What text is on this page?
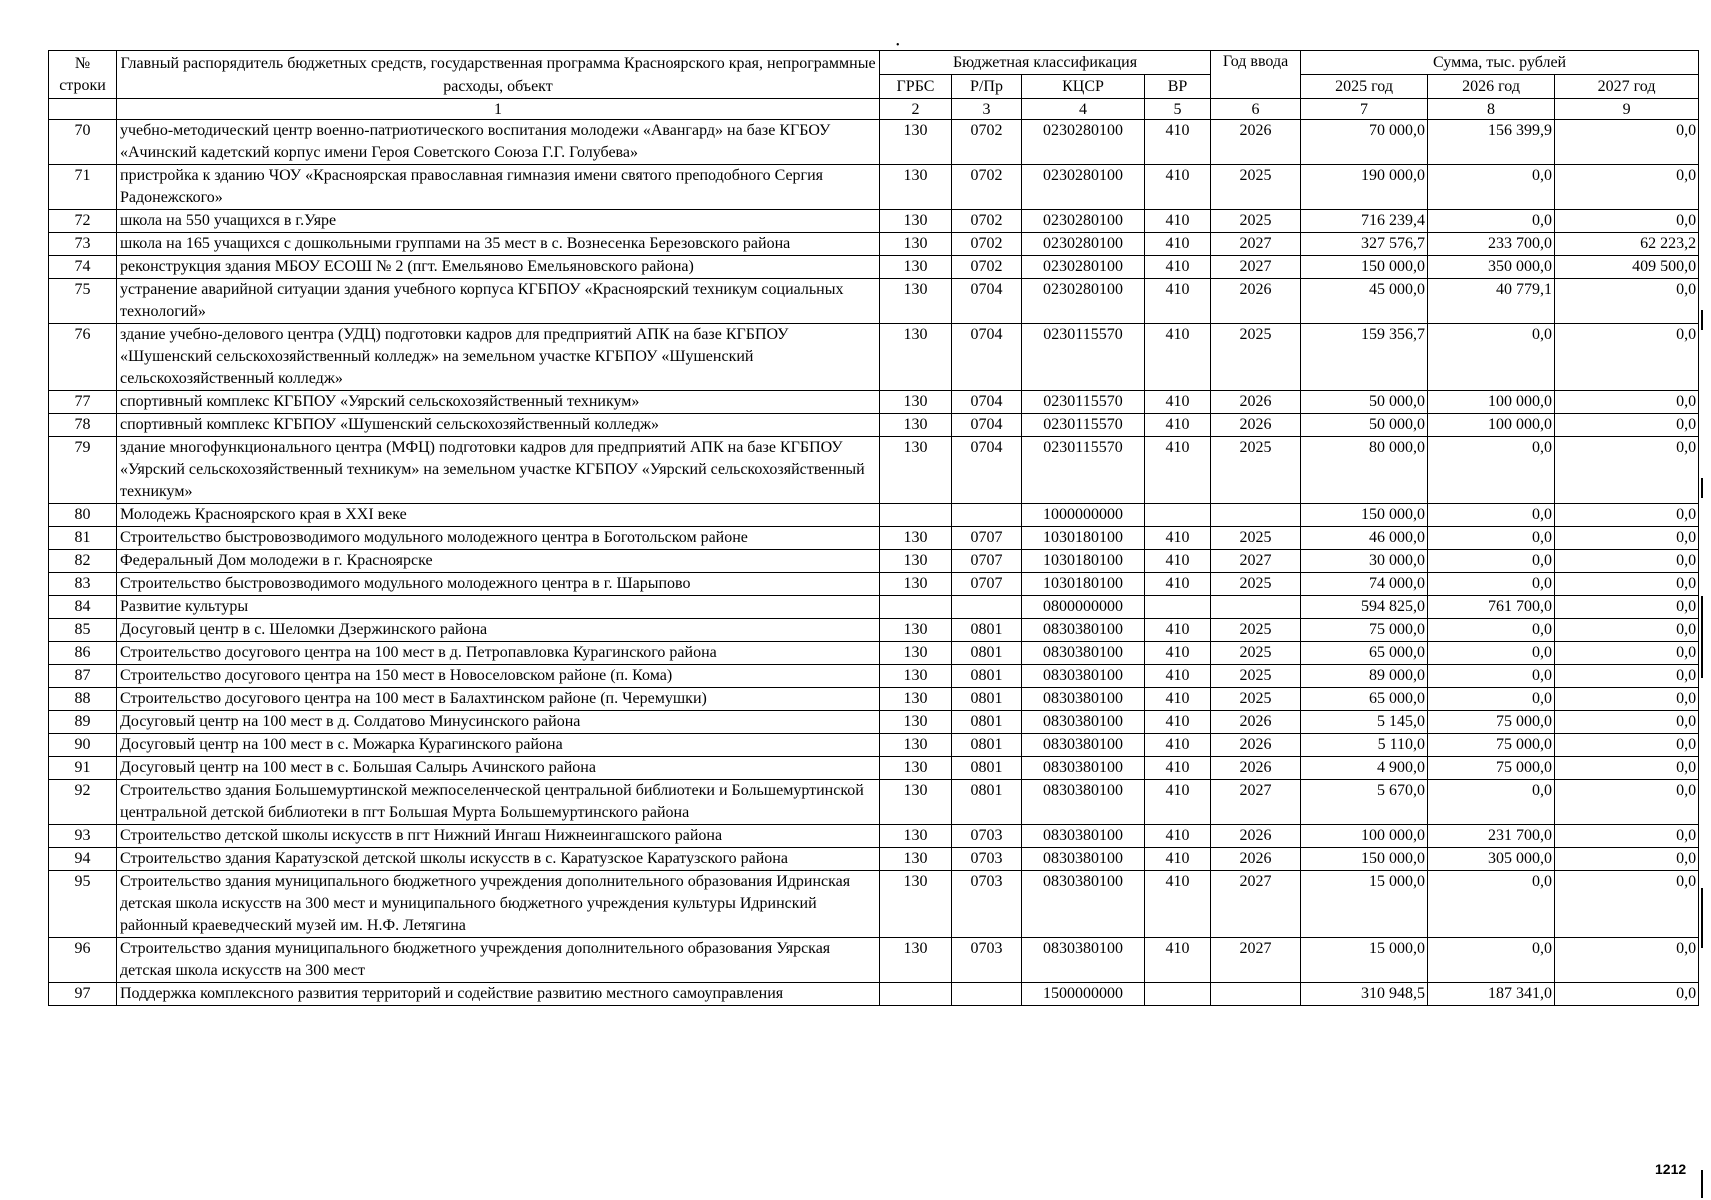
•
№
строки	Главный распорядитель бюджетных средств, государственная программа Красноярского края, непрограммные расходы, объект	Бюджетная классификация				Год ввода	Сумма, тыс. рублей		
		ГРБС	Р/Пр	КЦСР	ВР		2025 год	2026 год	2027 год
	1	2	3	4	5	6	7	8	9
70	учебно-методический центр военно-патриотического воспитания молодежи «Авангард» на базе КГБОУ «Ачинский кадетский корпус имени Героя Советского Союза Г.Г. Голубева»	130	0702	0230280100	410	2026	70 000,0	156 399,9	0,0
71	пристройка к зданию ЧОУ «Красноярская православная гимназия имени святого преподобного Сергия Радонежского»	130	0702	0230280100	410	2025	190 000,0	0,0	0,0
72	школа на 550 учащихся в г.Уяре	130	0702	0230280100	410	2025	716 239,4	0,0	0,0
73	школа на 165 учащихся с дошкольными группами на 35 мест в с. Вознесенка Березовского района	130	0702	0230280100	410	2027	327 576,7	233 700,0	62 223,2
74	реконструкция здания МБОУ ЕСОШ № 2 (пгт. Емельяново Емельяновского района)	130	0702	0230280100	410	2027	150 000,0	350 000,0	409 500,0
75	устранение аварийной ситуации здания учебного корпуса КГБПОУ «Красноярский техникум социальных технологий»	130	0704	0230280100	410	2026	45 000,0	40 779,1	0,0
76	здание учебно-делового центра (УДЦ) подготовки кадров для предприятий АПК на базе КГБПОУ «Шушенский сельскохозяйственный колледж» на земельном участке КГБПОУ «Шушенский сельскохозяйственный колледж»	130	0704	0230115570	410	2025	159 356,7	0,0	0,0
77	спортивный комплекс КГБПОУ «Уярский сельскохозяйственный техникум»	130	0704	0230115570	410	2026	50 000,0	100 000,0	0,0
78	спортивный комплекс КГБПОУ «Шушенский сельскохозяйственный колледж»	130	0704	0230115570	410	2026	50 000,0	100 000,0	0,0
79	здание многофункционального центра (МФЦ) подготовки кадров для предприятий АПК на базе КГБПОУ «Уярский сельскохозяйственный техникум» на земельном участке КГБПОУ «Уярский сельскохозяйственный техникум»	130	0704	0230115570	410	2025	80 000,0	0,0	0,0
80	Молодежь Красноярского края в XXI веке			1000000000			150 000,0	0,0	0,0
81	Строительство быстровозводимого модульного молодежного центра в Боготольском районе	130	0707	1030180100	410	2025	46 000,0	0,0	0,0
82	Федеральный Дом молодежи в г. Красноярске	130	0707	1030180100	410	2027	30 000,0	0,0	0,0
83	Строительство быстровозводимого модульного молодежного центра в г. Шарыпово	130	0707	1030180100	410	2025	74 000,0	0,0	0,0
84	Развитие культуры			0800000000			594 825,0	761 700,0	0,0
85	Досуговый центр в с. Шеломки Дзержинского района	130	0801	0830380100	410	2025	75 000,0	0,0	0,0
86	Строительство досугового центра на 100 мест в д. Петропавловка Курагинского района	130	0801	0830380100	410	2025	65 000,0	0,0	0,0
87	Строительство досугового центра на 150 мест в Новоселовском районе (п. Кома)	130	0801	0830380100	410	2025	89 000,0	0,0	0,0
88	Строительство досугового центра на 100 мест в Балахтинском районе (п. Черемушки)	130	0801	0830380100	410	2025	65 000,0	0,0	0,0
89	Досуговый центр на 100 мест в д. Солдатово Минусинского района	130	0801	0830380100	410	2026	5 145,0	75 000,0	0,0
90	Досуговый центр на 100 мест в с. Можарка Курагинского района	130	0801	0830380100	410	2026	5 110,0	75 000,0	0,0
91	Досуговый центр на 100 мест в с. Большая Салырь Ачинского района	130	0801	0830380100	410	2026	4 900,0	75 000,0	0,0
92	Строительство здания Большемуртинской межпоселенческой центральной библиотеки и Большемуртинской центральной детской библиотеки в пгт Большая Мурта Большемуртинского района	130	0801	0830380100	410	2027	5 670,0	0,0	0,0
93	Строительство детской школы искусств в пгт Нижний Ингаш Нижнеингашского района	130	0703	0830380100	410	2026	100 000,0	231 700,0	0,0
94	Строительство здания Каратузской детской школы искусств в с. Каратузское Каратузского района	130	0703	0830380100	410	2026	150 000,0	305 000,0	0,0
95	Строительство здания муниципального бюджетного учреждения дополнительного образования Идринская детская школа искусств на 300 мест и муниципального бюджетного учреждения культуры Идринский районный краеведческий музей им. Н.Ф. Летягина	130	0703	0830380100	410	2027	15 000,0	0,0	0,0
96	Строительство здания муниципального бюджетного учреждения дополнительного образования Уярская детская школа искусств на 300 мест	130	0703	0830380100	410	2027	15 000,0	0,0	0,0
97	Поддержка комплексного развития территорий и содействие развитию местного самоуправления			1500000000			310 948,5	187 341,0	0,0
1212
